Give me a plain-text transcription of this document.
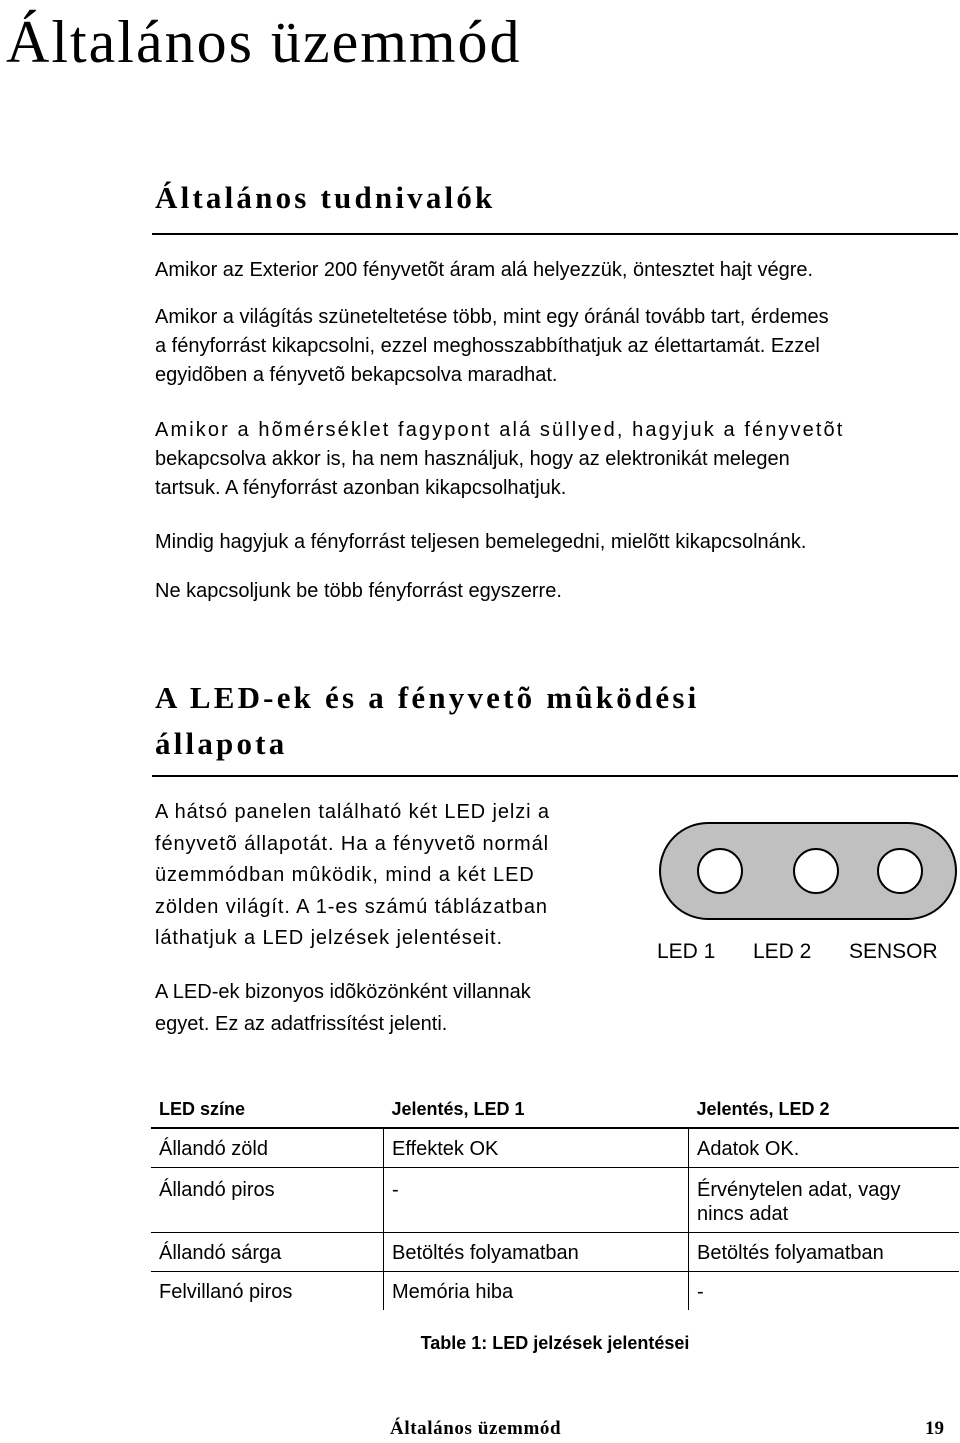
Általános üzemmód
Általános tudnivalók

Amikor az Exterior 200 fényvetõt áram alá helyezzük, öntesztet hajt végre.

Amikor a világítás szüneteltetése több, mint egy óránál tovább tart, érdemes
a fényforrást kikapcsolni, ezzel meghosszabbíthatjuk az élettartamát. Ezzel
egyidõben a fényvetõ bekapcsolva maradhat.

Amikor a hõmérséklet fagypont alá süllyed, hagyjuk a fényvetõt
bekapcsolva akkor is, ha nem használjuk, hogy az elektronikát melegen
tartsuk. A fényforrást azonban kikapcsolhatjuk.

Mindig hagyjuk a fényforrást teljesen bemelegedni, mielõtt kikapcsolnánk.

Ne kapcsoljunk be több fényforrást egyszerre.

A LED-ek és a fényvetõ mûködési
állapota

A hátsó panelen található két LED jelzi a
fényvetõ állapotát. Ha a fényvetõ normál
üzemmódban mûködik, mind a két LED
zölden világít. A 1-es számú táblázatban
láthatjuk a LED jelzések jelentéseit.

A LED-ek bizonyos idõközönként villannak
egyet. Ez az adatfrissítést jelenti.

LED 1 LED 2 SENSOR
LED színe	Jelentés, LED 1	Jelentés, LED 2
Állandó zöld	Effektek OK	Adatok OK.
Állandó piros	-	Érvénytelen adat, vagy nincs adat
Állandó sárga	Betöltés folyamatban	Betöltés folyamatban
Felvillanó piros	Memória hiba	-
Table 1: LED jelzések jelentései
Általános üzemmód	19
